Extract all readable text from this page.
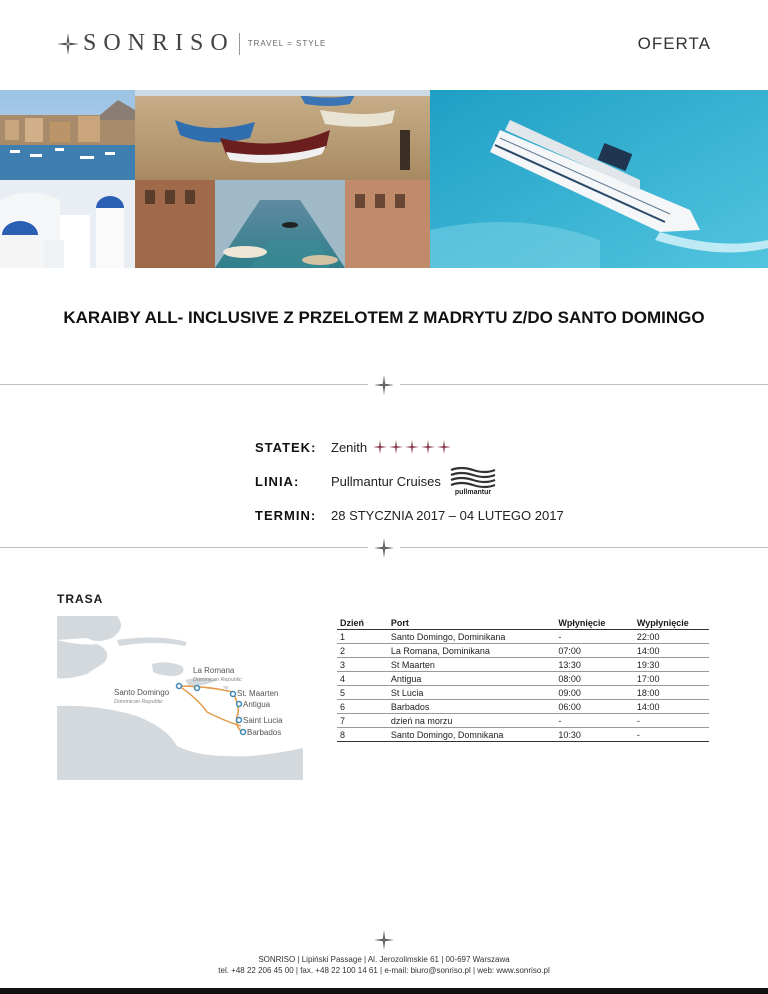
SONRISO TRAVEL = STYLE	OFERTA
KARAIBY ALL- INCLUSIVE Z PRZELOTEM Z MADRYTU Z/DO SANTO DOMINGO
STATEK:	Zenith
LINIA:	Pullmantur Cruises
pullmantur
TERMIN:	28 STYCZNIA 2017 – 04 LUTEGO 2017
TRASA
La Romana
Dominican Republic
Santo Domingo
Dominican Republic
St. Maarten
Antigua
Saint Lucia
Barbados
Dzień	Port	Wpłynięcie	Wypłynięcie
1	Santo Domingo, Dominikana	-	22:00
2	La Romana, Dominikana	07:00	14:00
3	St Maarten	13:30	19:30
4	Antigua	08:00	17:00
5	St Lucia	09:00	18:00
6	Barbados	06:00	14:00
7	dzień na morzu	-	-
8	Santo Domingo, Domnikana	10:30	-
SONRISO | Lipiński Passage | Al. Jerozolimskie 61 | 00-697 Warszawa
tel. +48 22 206 45 00 | fax. +48 22 100 14 61 | e-mail: biuro@sonriso.pl | web: www.sonriso.pl
